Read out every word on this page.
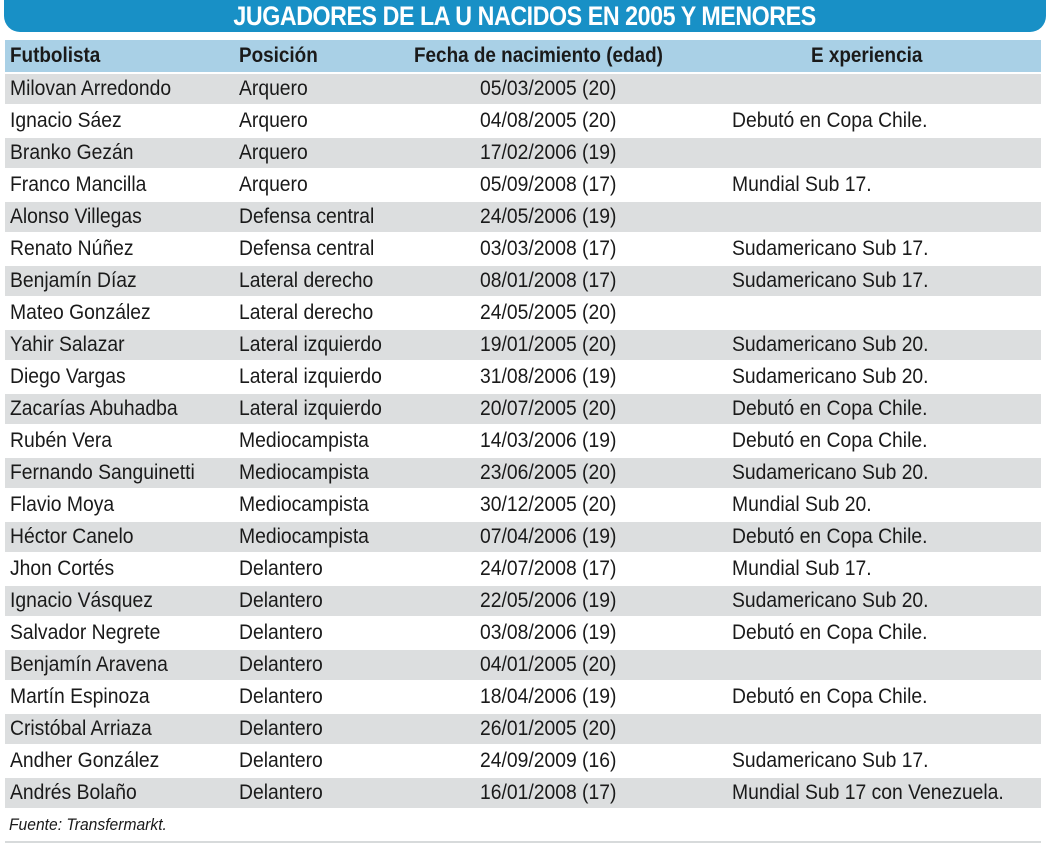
JUGADORES DE LA U NACIDOS EN 2005 Y MENORES
Futbolista	Posición	Fecha de nacimiento (edad)	E xperiencia
Milovan Arredondo	Arquero	05/03/2005 (20)
Ignacio Sáez	Arquero	04/08/2005 (20)	Debutó en Copa Chile.
Branko Gezán	Arquero	17/02/2006 (19)
Franco Mancilla	Arquero	05/09/2008 (17)	Mundial Sub 17.
Alonso Villegas	Defensa central	24/05/2006 (19)
Renato Núñez	Defensa central	03/03/2008 (17)	Sudamericano Sub 17.
Benjamín Díaz	Lateral derecho	08/01/2008 (17)	Sudamericano Sub 17.
Mateo González	Lateral derecho	24/05/2005 (20)
Yahir Salazar	Lateral izquierdo	19/01/2005 (20)	Sudamericano Sub 20.
Diego Vargas	Lateral izquierdo	31/08/2006 (19)	Sudamericano Sub 20.
Zacarías Abuhadba	Lateral izquierdo	20/07/2005 (20)	Debutó en Copa Chile.
Rubén Vera	Mediocampista	14/03/2006 (19)	Debutó en Copa Chile.
Fernando Sanguinetti Mediocampista	23/06/2005 (20)	Sudamericano Sub 20.
Flavio Moya	Mediocampista	30/12/2005 (20)	Mundial Sub 20.
Héctor Canelo	Mediocampista	07/04/2006 (19)	Debutó en Copa Chile.
Jhon Cortés	Delantero	24/07/2008 (17)	Mundial Sub 17.
Ignacio Vásquez	Delantero	22/05/2006 (19)	Sudamericano Sub 20.
Salvador Negrete	Delantero	03/08/2006 (19)	Debutó en Copa Chile.
Benjamín Aravena	Delantero	04/01/2005 (20)
Martín Espinoza	Delantero	18/04/2006 (19)	Debutó en Copa Chile.
Cristóbal Arriaza	Delantero	26/01/2005 (20)
Andher González	Delantero	24/09/2009 (16)	Sudamericano Sub 17.
Andrés Bolaño	Delantero	16/01/2008 (17)	Mundial Sub 17 con Venezuela.
Fuente: Transfermarkt.
